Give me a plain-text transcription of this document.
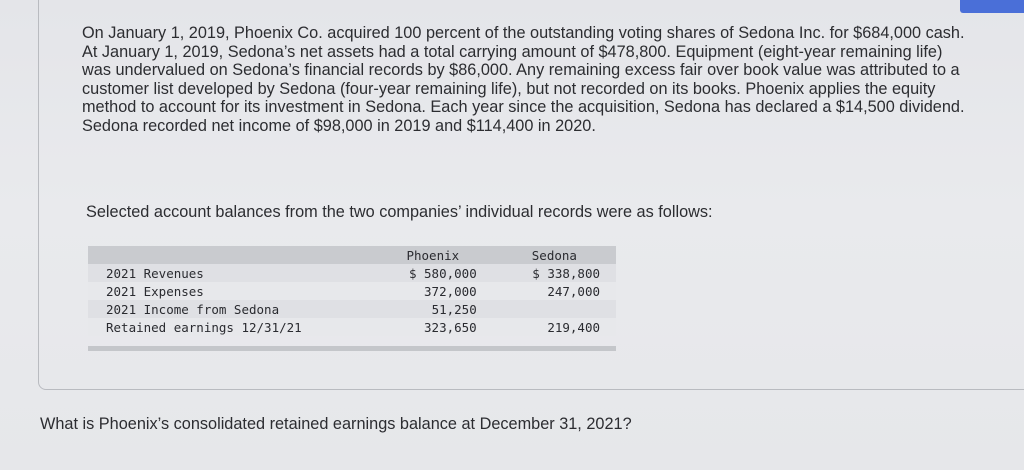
On January 1, 2019, Phoenix Co. acquired 100 percent of the outstanding voting shares of Sedona Inc. for $684,000 cash. At January 1, 2019, Sedona’s net assets had a total carrying amount of $478,800. Equipment (eight-year remaining life) was undervalued on Sedona’s financial records by $86,000. Any remaining excess fair over book value was attributed to a customer list developed by Sedona (four-year remaining life), but not recorded on its books. Phoenix applies the equity method to account for its investment in Sedona. Each year since the acquisition, Sedona has declared a $14,500 dividend. Sedona recorded net income of $98,000 in 2019 and $114,400 in 2020.

Selected account balances from the two companies’ individual records were as follows:

	Phoenix	Sedona
2021 Revenues	$ 580,000	$ 338,800
2021 Expenses	372,000	247,000
2021 Income from Sedona	51,250	
Retained earnings 12/31/21	323,650	219,400

What is Phoenix’s consolidated retained earnings balance at December 31, 2021?
